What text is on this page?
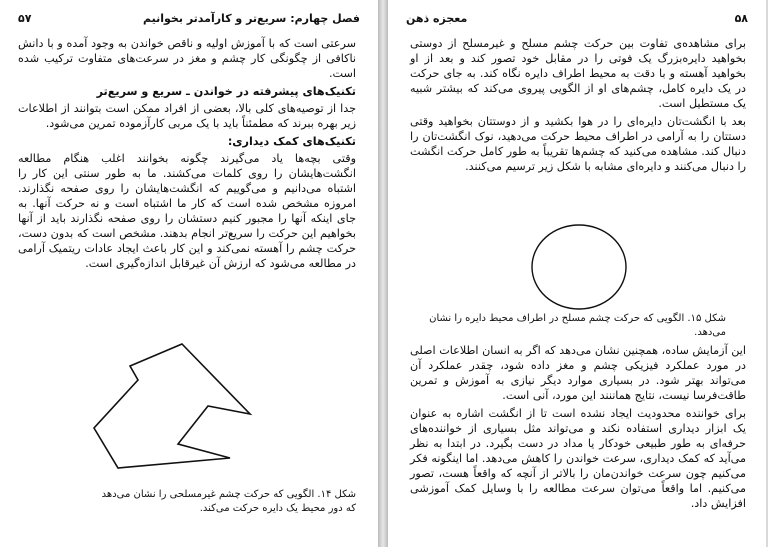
فصل چهارم: سریع‌تر و کارآمدتر بخوانیم
۵۷

سرعتی است که با آموزش اولیه و ناقص خواندن به وجود آمده و با دانش ناکافی از چگونگی کار چشم و مغز در سرعت‌های متفاوت ترکیب شده است.

تکنیک‌های پیشرفته در خواندن ـ سریع و سریع‌تر

جدا از توصیه‌های کلی بالا، بعضی از افراد ممکن است بتوانند از اطلاعات زیر بهره ببرند که مطمئناً باید با یک مربی کارآزموده تمرین می‌شود.

تکنیک‌های کمک دیداری:

وقتی بچه‌ها یاد می‌گیرند چگونه بخوانند اغلب هنگام مطالعه انگشت‌هایشان را روی کلمات می‌کشند. ما به طور سنتی این کار را اشتباه می‌دانیم و می‌گوییم که انگشت‌هایشان را روی صفحه نگذارند. امروزه مشخص شده است که کار ما اشتباه است و نه حرکت آنها. به جای اینکه آنها را مجبور کنیم دستشان را روی صفحه نگذارند باید از آنها بخواهیم این حرکت را سریع‌تر انجام بدهند. مشخص است که بدون دست، حرکت چشم را آهسته نمی‌کند و این کار باعث ایجاد عادات ریتمیک آرامی در مطالعه می‌شود که ارزش آن غیرقابل اندازه‌گیری است.

شکل ۱۴. الگویی که حرکت چشم غیرمسلحی را نشان می‌دهد که دور محیط یک دایره حرکت می‌کند.
۵۸
معجزه ذهن

برای مشاهده‌ی تفاوت بین حرکت چشم مسلح و غیرمسلح از دوستی بخواهید دایره‌بزرگ یک فوتی را در مقابل خود تصور کند و بعد از او بخواهید آهسته و با دقت به محیط اطراف دایره نگاه کند. به جای حرکت در یک دایره کامل، چشم‌های او از الگویی پیروی می‌کند که بیشتر شبیه یک مستطیل است.

بعد با انگشت‌تان دایره‌ای را در هوا بکشید و از دوستتان بخواهید وقتی دستتان را به آرامی در اطراف محیط حرکت می‌دهید، نوک انگشت‌تان را دنبال کند. مشاهده می‌کنید که چشم‌ها تقریباً به طور کامل حرکت انگشت را دنبال می‌کنند و دایره‌ای مشابه با شکل زیر ترسیم می‌کنند.

شکل ۱۵. الگویی که حرکت چشم مسلح در اطراف محیط دایره را نشان می‌دهد.

این آزمایش ساده، همچنین نشان می‌دهد که اگر به انسان اطلاعات اصلی در مورد عملکرد فیزیکی چشم و مغز داده شود، چقدر عملکرد آن می‌تواند بهتر شود. در بسیاری موارد دیگر نیازی به آموزش و تمرین طاقت‌فرسا نیست، نتایج هماننند این مورد، آنی است.

برای خواننده محدودیت ایجاد نشده است تا از انگشت اشاره به عنوان یک ابزار دیداری استفاده نکند و می‌تواند مثل بسیاری از خواننده‌های حرفه‌ای به طور طبیعی خودکار یا مداد در دست بگیرد. در ابتدا به نظر می‌آید که کمک دیداری، سرعت خواندن را کاهش می‌دهد. اما اینگونه فکر می‌کنیم چون سرعت خواندن‌مان را بالاتر از آنچه که واقعاً هست، تصور می‌کنیم. اما واقعاً می‌توان سرعت مطالعه را با وسایل کمک آموزشی افزایش داد.
